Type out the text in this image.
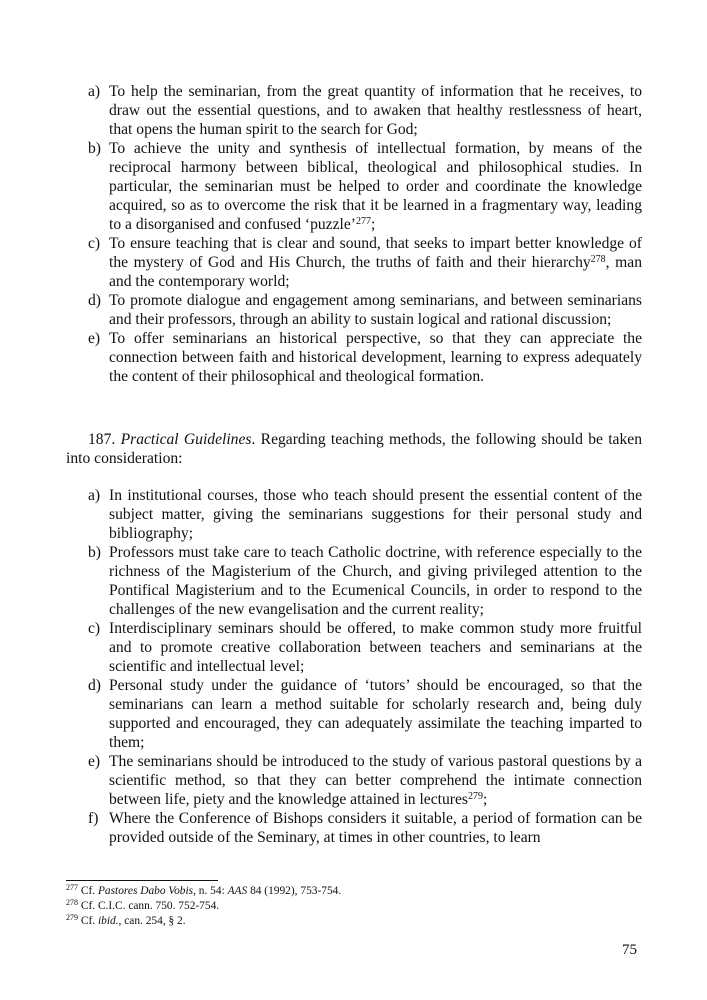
a) To help the seminarian, from the great quantity of information that he receives, to draw out the essential questions, and to awaken that healthy restlessness of heart, that opens the human spirit to the search for God;
b) To achieve the unity and synthesis of intellectual formation, by means of the reciprocal harmony between biblical, theological and philosophical studies. In particular, the seminarian must be helped to order and coordinate the knowledge acquired, so as to overcome the risk that it be learned in a fragmentary way, leading to a disorganised and confused ‘puzzle’$^{277}$;
c) To ensure teaching that is clear and sound, that seeks to impart better knowledge of the mystery of God and His Church, the truths of faith and their hierarchy$^{278}$, man and the contemporary world;
d) To promote dialogue and engagement among seminarians, and between seminarians and their professors, through an ability to sustain logical and rational discussion;
e) To offer seminarians an historical perspective, so that they can appreciate the connection between faith and historical development, learning to express adequately the content of their philosophical and theological formation.

187. Practical Guidelines. Regarding teaching methods, the following should be taken into consideration:

a) In institutional courses, those who teach should present the essential content of the subject matter, giving the seminarians suggestions for their personal study and bibliography;
b) Professors must take care to teach Catholic doctrine, with reference especially to the richness of the Magisterium of the Church, and giving privileged attention to the Pontifical Magisterium and to the Ecumenical Councils, in order to respond to the challenges of the new evangelisation and the current reality;
c) Interdisciplinary seminars should be offered, to make common study more fruitful and to promote creative collaboration between teachers and seminarians at the scientific and intellectual level;
d) Personal study under the guidance of ‘tutors’ should be encouraged, so that the seminarians can learn a method suitable for scholarly research and, being duly supported and encouraged, they can adequately assimilate the teaching imparted to them;
e) The seminarians should be introduced to the study of various pastoral questions by a scientific method, so that they can better comprehend the intimate connection between life, piety and the knowledge attained in lectures$^{279}$;
f) Where the Conference of Bishops considers it suitable, a period of formation can be provided outside of the Seminary, at times in other countries, to learn
$^{277}$ Cf. Pastores Dabo Vobis, n. 54: AAS 84 (1992), 753-754.
$^{278}$ Cf. C.I.C. cann. 750. 752-754.
$^{279}$ Cf. ibid., can. 254, § 2.
75
